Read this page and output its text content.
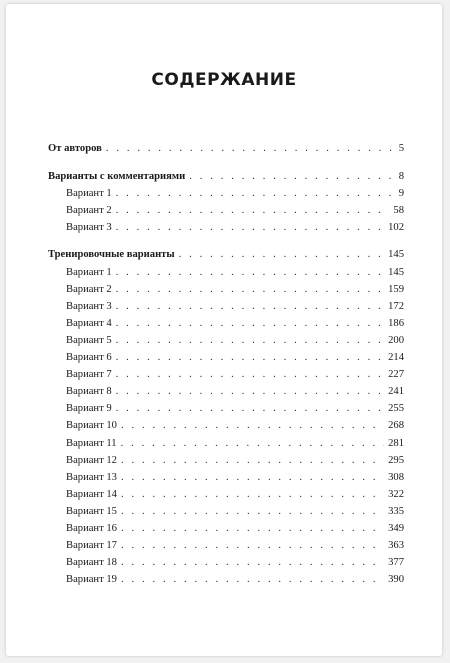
СОДЕРЖАНИЕ
От авторов . . .	5
Варианты с комментариями . . .	8
Вариант 1 . . .	9
Вариант 2 . . .	58
Вариант 3 . . .	102
Тренировочные варианты . . .	145
Вариант 1 . . .	145
Вариант 2 . . .	159
Вариант 3 . . .	172
Вариант 4 . . .	186
Вариант 5 . . .	200
Вариант 6 . . .	214
Вариант 7 . . .	227
Вариант 8 . . .	241
Вариант 9 . . .	255
Вариант 10 . . .	268
Вариант 11 . . .	281
Вариант 12 . . .	295
Вариант 13 . . .	308
Вариант 14 . . .	322
Вариант 15 . . .	335
Вариант 16 . . .	349
Вариант 17 . . .	363
Вариант 18 . . .	377
Вариант 19 . . .	390
